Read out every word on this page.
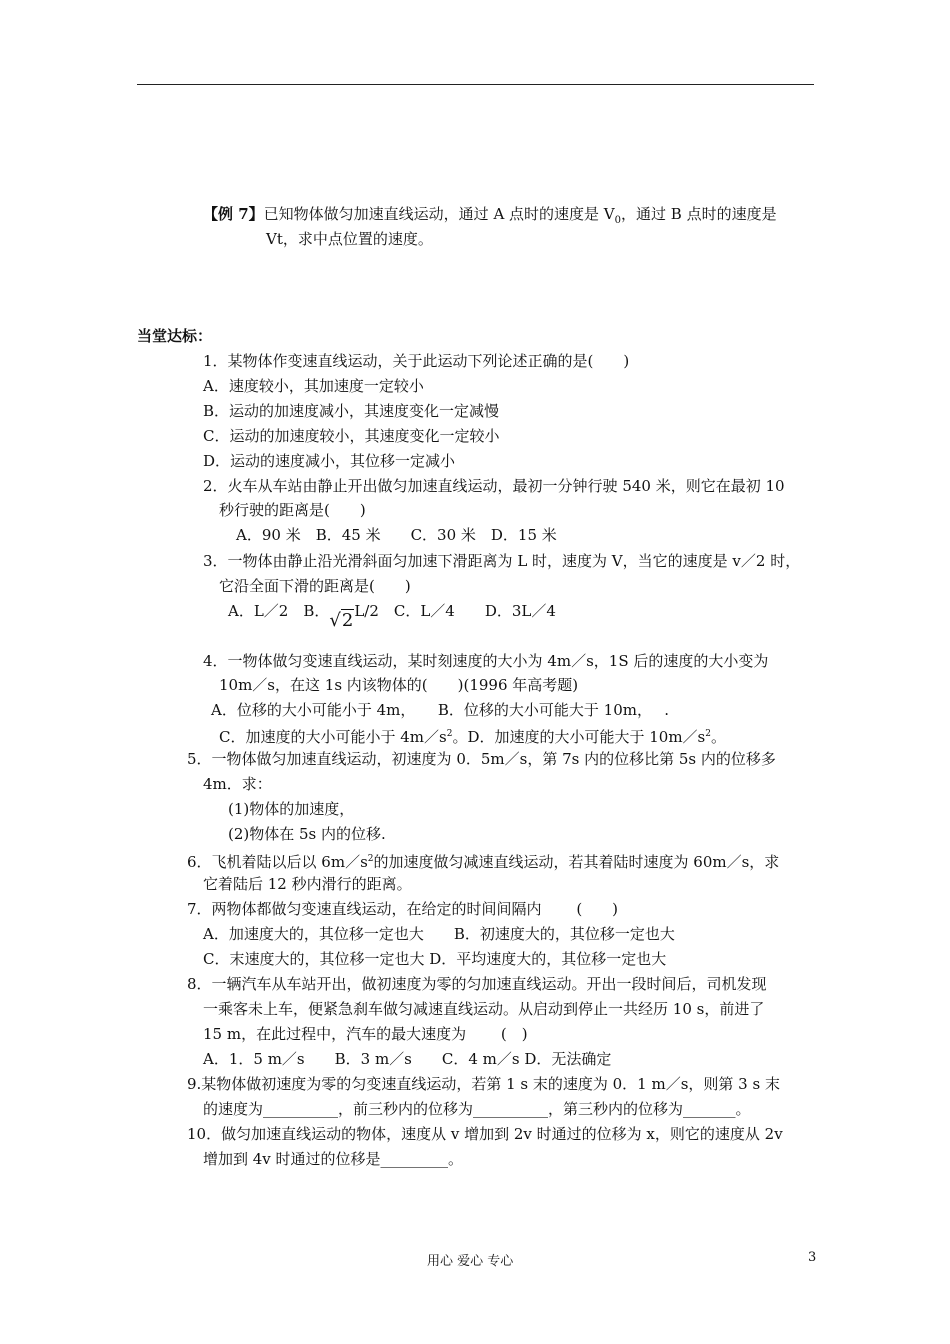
【例 7】已知物体做匀加速直线运动，通过 A 点时的速度是 $V_0$，通过 B 点时的速度是
Vt，求中点位置的速度。
当堂达标：
1．某物体作变速直线运动，关于此运动下列论述正确的是(　　)
A．速度较小，其加速度一定较小
B．运动的加速度减小，其速度变化一定减慢
C．运动的加速度较小，其速度变化一定较小
D．运动的速度减小，其位移一定减小
2．火车从车站由静止开出做匀加速直线运动，最初一分钟行驶 540 米，则它在最初 10
秒行驶的距离是(　　)
A．90 米　B．45 米　　C．30 米　D．15 米
3．一物体由静止沿光滑斜面匀加速下滑距离为 L 时，速度为 V，当它的速度是 v／2 时，
它沿全面下滑的距离是(　　)
A．L／2　B．√2L/2　C．L／4　　D．3L／4
4．一物体做匀变速直线运动，某时刻速度的大小为 4m／s，1S 后的速度的大小变为
10m／s，在这 1s 内该物体的(　　)(1996 年高考题)
A．位移的大小可能小于 4m，　　B．位移的大小可能大于 10m，　 .
C．加速度的大小可能小于 $4m/s^2$。D．加速度的大小可能大于 $10m/s^2$。
5．一物体做匀加速直线运动，初速度为 0．5m／s，第 7s 内的位移比第 5s 内的位移多
4m．求：
(1)物体的加速度，
(2)物体在 5s 内的位移.
6．飞机着陆以后以 $6m/s^2$的加速度做匀减速直线运动，若其着陆时速度为 60m／s，求
它着陆后 12 秒内滑行的距离。
7．两物体都做匀变速直线运动，在给定的时间间隔内　　 (　　)
A．加速度大的，其位移一定也大　　B．初速度大的，其位移一定也大
C．末速度大的，其位移一定也大 D．平均速度大的，其位移一定也大
8．一辆汽车从车站开出，做初速度为零的匀加速直线运动。开出一段时间后，司机发现
一乘客未上车，便紧急刹车做匀减速直线运动。从启动到停止一共经历 10 s，前进了
15 m，在此过程中，汽车的最大速度为　　 (　)
A．1．5 m／s　　B．3 m／s　　C．4 m／s D．无法确定
9.某物体做初速度为零的匀变速直线运动，若第 1 s 末的速度为 0．1 m／s，则第 3 s 末
的速度为__________，前三秒内的位移为__________，第三秒内的位移为_______。
10．做匀加速直线运动的物体，速度从 v 增加到 2v 时通过的位移为 x，则它的速度从 2v
增加到 4v 时通过的位移是_________。
用心 爱心 专心	3
